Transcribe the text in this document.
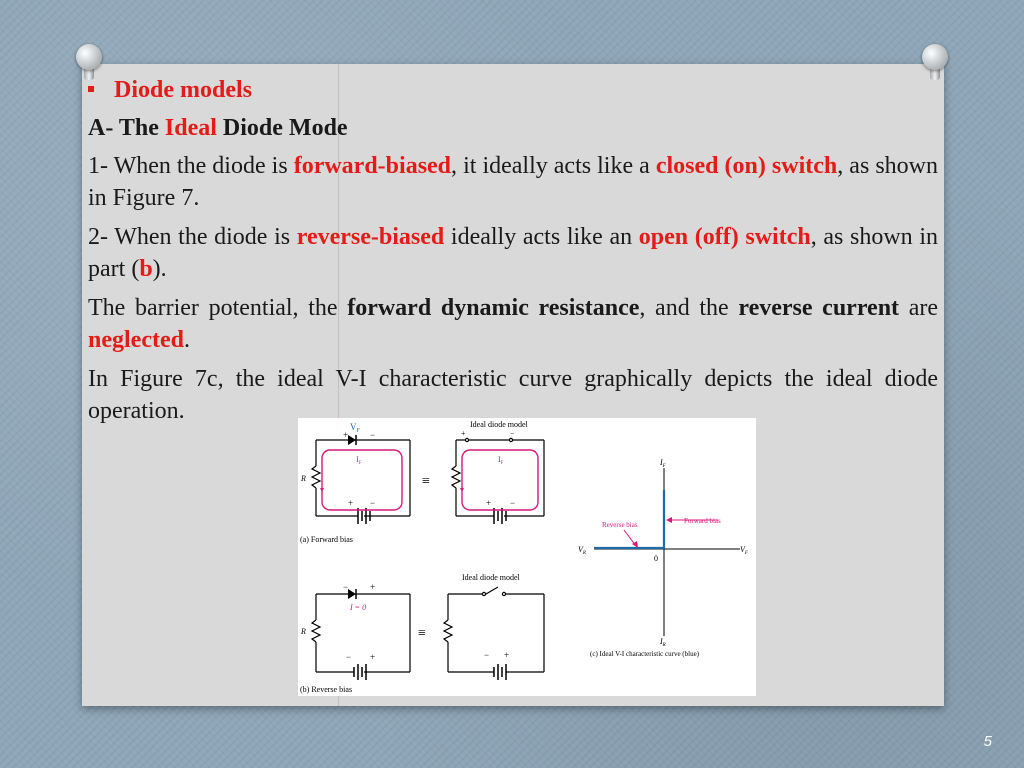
Diode models
A- The Ideal Diode Mode

1- When the diode is forward-biased, it ideally acts like a closed (on) switch, as shown in Figure 7.

2- When the diode is reverse-biased ideally acts like an open (off) switch, as shown in part (b).

The barrier potential, the forward dynamic resistance, and the reverse current are neglected.

In Figure 7c, the ideal V-I characteristic curve graphically depicts the ideal diode operation.

$V_F$
+ −
$I_F$
R
+ −
≡
Ideal diode model
$I_F$
+	−
+ −
(a) Forward bias
− +
I = 0
R
− +
≡
Ideal diode model
− +
(b) Reverse bias
$I_F$
$I_R$
$V_R$	$V_F$
0
Forward bias
Reverse bias
(c) Ideal V-I characteristic curve (blue)
5
